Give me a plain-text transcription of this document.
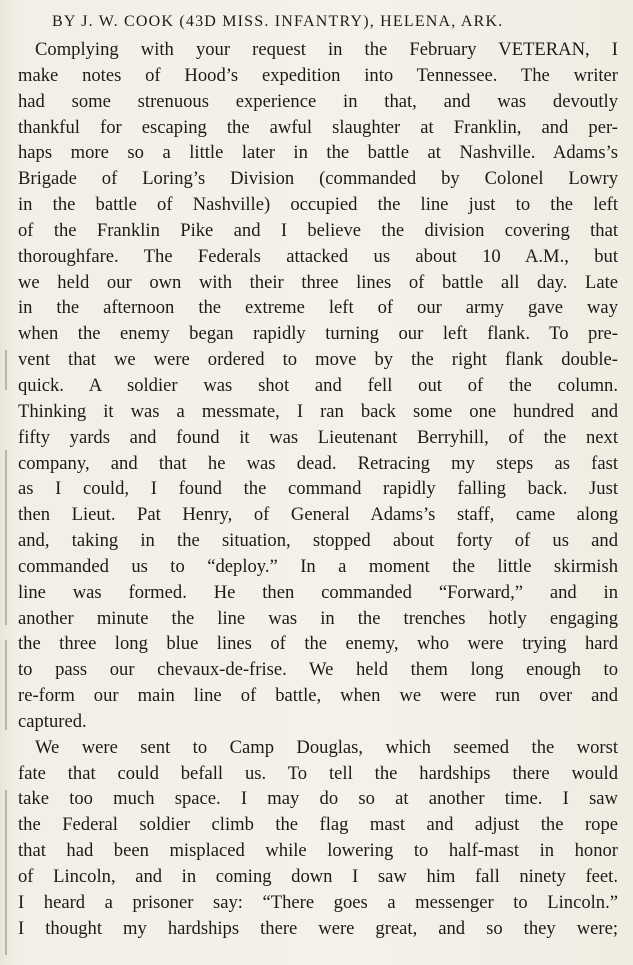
BY J. W. COOK (43D MISS. INFANTRY), HELENA, ARK.
Complying with your request in the February VETERAN, I
make notes of Hood’s expedition into Tennessee. The writer
had some strenuous experience in that, and was devoutly
thankful for escaping the awful slaughter at Franklin, and per-
haps more so a little later in the battle at Nashville. Adams’s
Brigade of Loring’s Division (commanded by Colonel Lowry
in the battle of Nashville) occupied the line just to the left
of the Franklin Pike and I believe the division covering that
thoroughfare. The Federals attacked us about 10 A.M., but
we held our own with their three lines of battle all day. Late
in the afternoon the extreme left of our army gave way
when the enemy began rapidly turning our left flank. To pre-
vent that we were ordered to move by the right flank double-
quick. A soldier was shot and fell out of the column.
Thinking it was a messmate, I ran back some one hundred and
fifty yards and found it was Lieutenant Berryhill, of the next
company, and that he was dead. Retracing my steps as fast
as I could, I found the command rapidly falling back. Just
then Lieut. Pat Henry, of General Adams’s staff, came along
and, taking in the situation, stopped about forty of us and
commanded us to “deploy.” In a moment the little skirmish
line was formed. He then commanded “Forward,” and in
another minute the line was in the trenches hotly engaging
the three long blue lines of the enemy, who were trying hard
to pass our chevaux-de-frise. We held them long enough to
re-form our main line of battle, when we were run over and
captured.
We were sent to Camp Douglas, which seemed the worst
fate that could befall us. To tell the hardships there would
take too much space. I may do so at another time. I saw
the Federal soldier climb the flag mast and adjust the rope
that had been misplaced while lowering to half-mast in honor
of Lincoln, and in coming down I saw him fall ninety feet.
I heard a prisoner say: “There goes a messenger to Lincoln.”
I thought my hardships there were great, and so they were;
